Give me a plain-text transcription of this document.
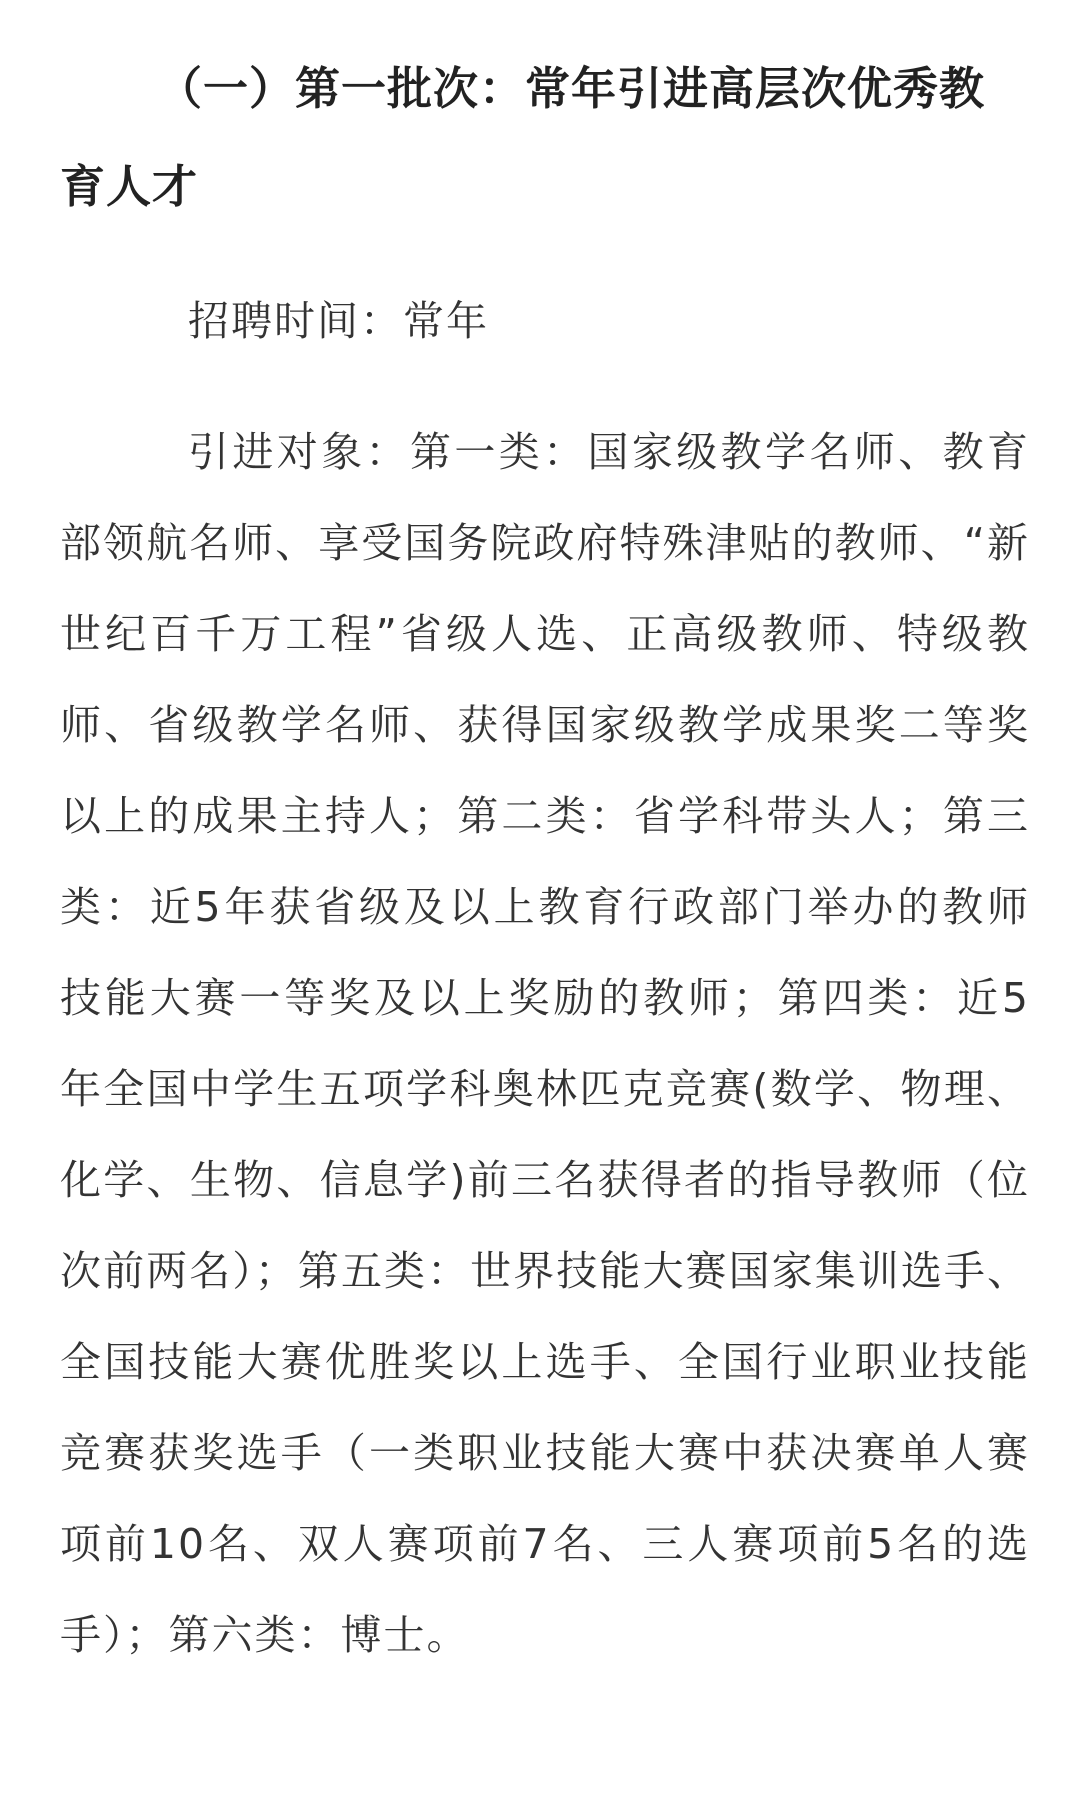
（一）第一批次：常年引进高层次优秀教育人才

招聘时间：常年

引进对象：第一类：国家级教学名师、教育部领航名师、享受国务院政府特殊津贴的教师、“新世纪百千万工程”省级人选、正高级教师、特级教师、省级教学名师、获得国家级教学成果奖二等奖以上的成果主持人；第二类：省学科带头人；第三类：近5年获省级及以上教育行政部门举办的教师技能大赛一等奖及以上奖励的教师；第四类：近5年全国中学生五项学科奥林匹克竞赛(数学、物理、化学、生物、信息学)前三名获得者的指导教师（位次前两名）；第五类：世界技能大赛国家集训选手、全国技能大赛优胜奖以上选手、全国行业职业技能竞赛获奖选手（一类职业技能大赛中获决赛单人赛项前10名、双人赛项前7名、三人赛项前5名的选手）；第六类：博士。
